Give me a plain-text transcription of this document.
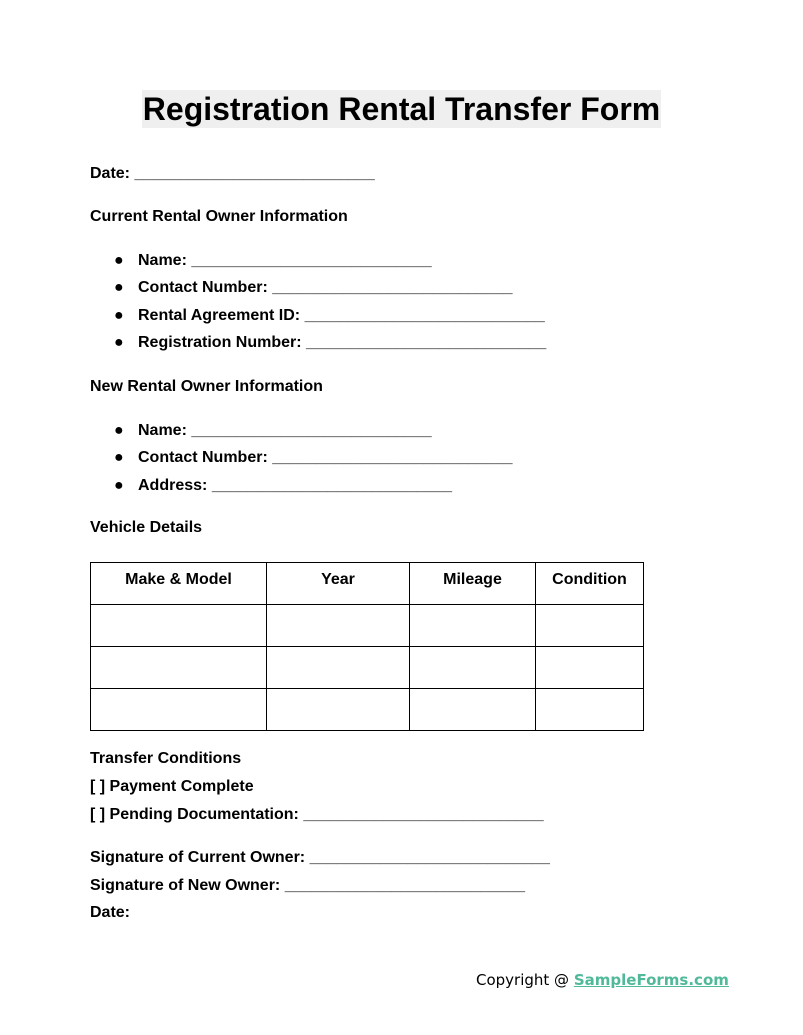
Registration Rental Transfer Form
Date: ___________________________
Current Rental Owner Information
● Name: ___________________________
● Contact Number: ___________________________
● Rental Agreement ID: ___________________________
● Registration Number: ___________________________
New Rental Owner Information
● Name: ___________________________
● Contact Number: ___________________________
● Address: ___________________________
Vehicle Details
Make & Model	Year	Mileage	Condition

Transfer Conditions
[ ] Payment Complete
[ ] Pending Documentation: ___________________________
Signature of Current Owner: ___________________________
Signature of New Owner: ___________________________
Date: ___________________________
Copyright @ SampleForms.com
